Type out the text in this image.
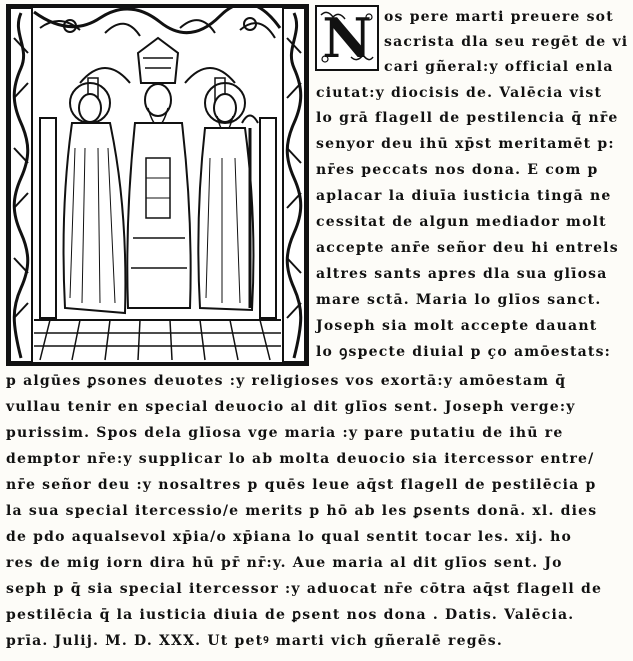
N os pere marti preuere sot
sacrista dla seu regēt de vi
cari gñeral:y official enla
ciutat:y diocisis de. Valēcia vist
lo grā flagell de pestilencia q̄ nr̄e
senyor deu ihū xp̄st meritamēt p:
nr̄es peccats nos dona. E com p
aplacar la diuīa iusticia tingā ne
cessitat de algun mediador molt
accepte anr̄e señor deu hi entrels
altres sants apres dla sua glīosa
mare sctā. Maria lo glīos sanct.
Joseph sia molt accepte dauant
lo ꝯspecte diuial p ço amōestats:
p algūes ꝑsones deuotes :y religioses vos exortā:y amōestam q̄
vullau tenir en special deuocio al dit glīos sent. Joseph verge:y
purissim. Spos dela glīosa vge maria :y pare putatiu de ihū re
demptor nr̄e:y supplicar lo ab molta deuocio sia itercessor entre/
nr̄e señor deu :y nosaltres p quēs leue aq̄st flagell de pestilēcia p
la sua special itercessio/e merits p hō ab les ꝑsents donā. xl. dies
de pdo aqualsevol xp̄ia/o xp̄iana lo qual sentit tocar les. xij. ho
res de mig iorn dira hū pr̄ nr̄:y. Aue maria al dit glīos sent. Jo
seph p q̄ sia special itercessor :y aduocat nr̄e cōtra aq̄st flagell de
pestilēcia q̄ la iusticia diuia de ꝑsent nos dona . Datis. Valēcia.
prīa. Julij. M. D. XXX. Ut petꝰ marti vich gñeralē regēs.
